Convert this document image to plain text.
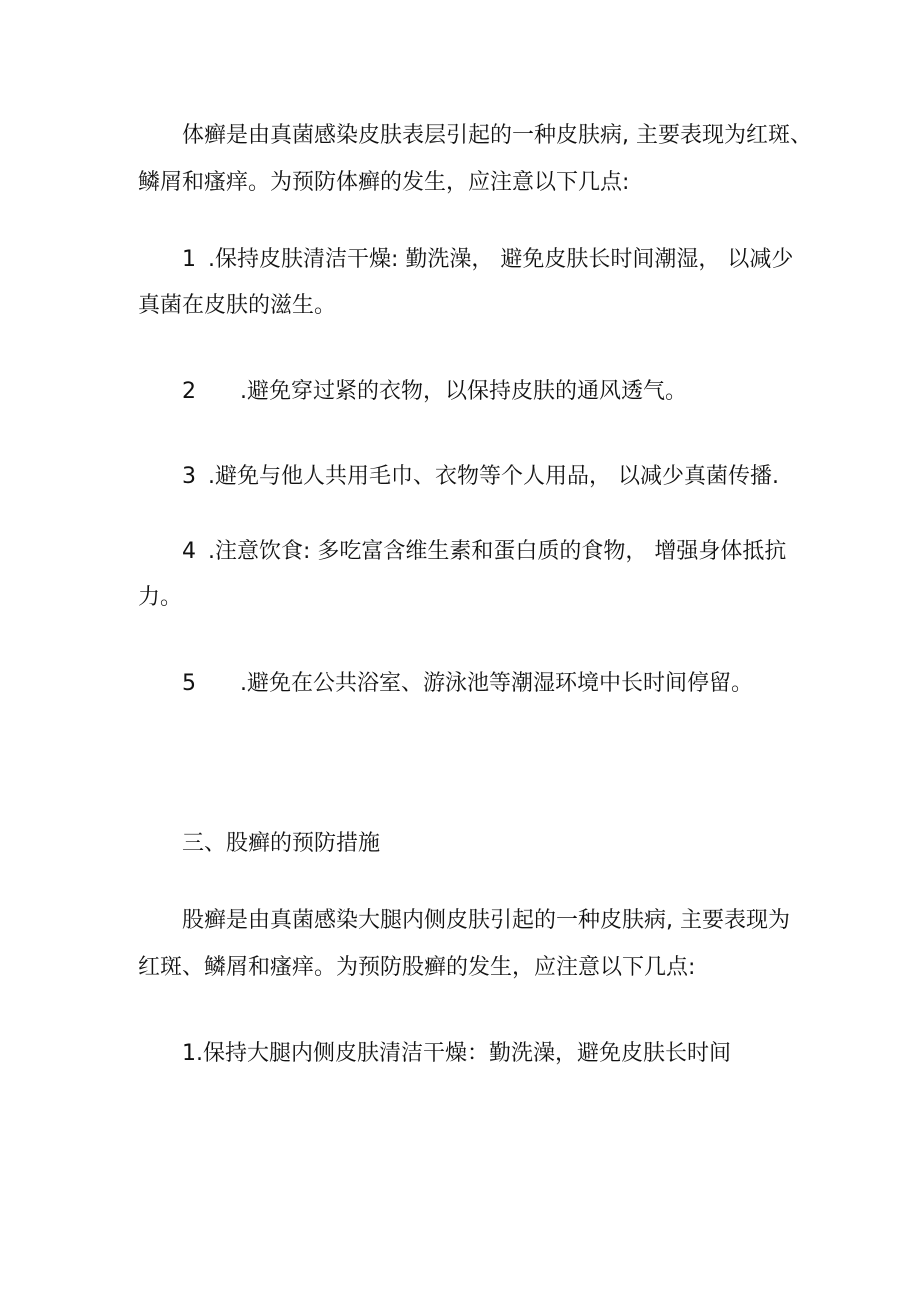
体癣是由真菌感染皮肤表层引起的一种皮肤病, 主要表现为红斑、
鳞屑和瘙痒。为预防体癣的发生，应注意以下几点:
1 .保持皮肤清洁干燥: 勤洗澡， 避免皮肤长时间潮湿， 以减少
真菌在皮肤的滋生。
2 .避免穿过紧的衣物，以保持皮肤的通风透气。
3 .避免与他人共用毛巾、衣物等个人用品， 以减少真菌传播.
4 .注意饮食: 多吃富含维生素和蛋白质的食物， 增强身体抵抗
力。
5 .避免在公共浴室、游泳池等潮湿环境中长时间停留。
三、股癣的预防措施
股癣是由真菌感染大腿内侧皮肤引起的一种皮肤病, 主要表现为
红斑、鳞屑和瘙痒。为预防股癣的发生，应注意以下几点:
1.保持大腿内侧皮肤清洁干燥：勤洗澡，避免皮肤长时间
